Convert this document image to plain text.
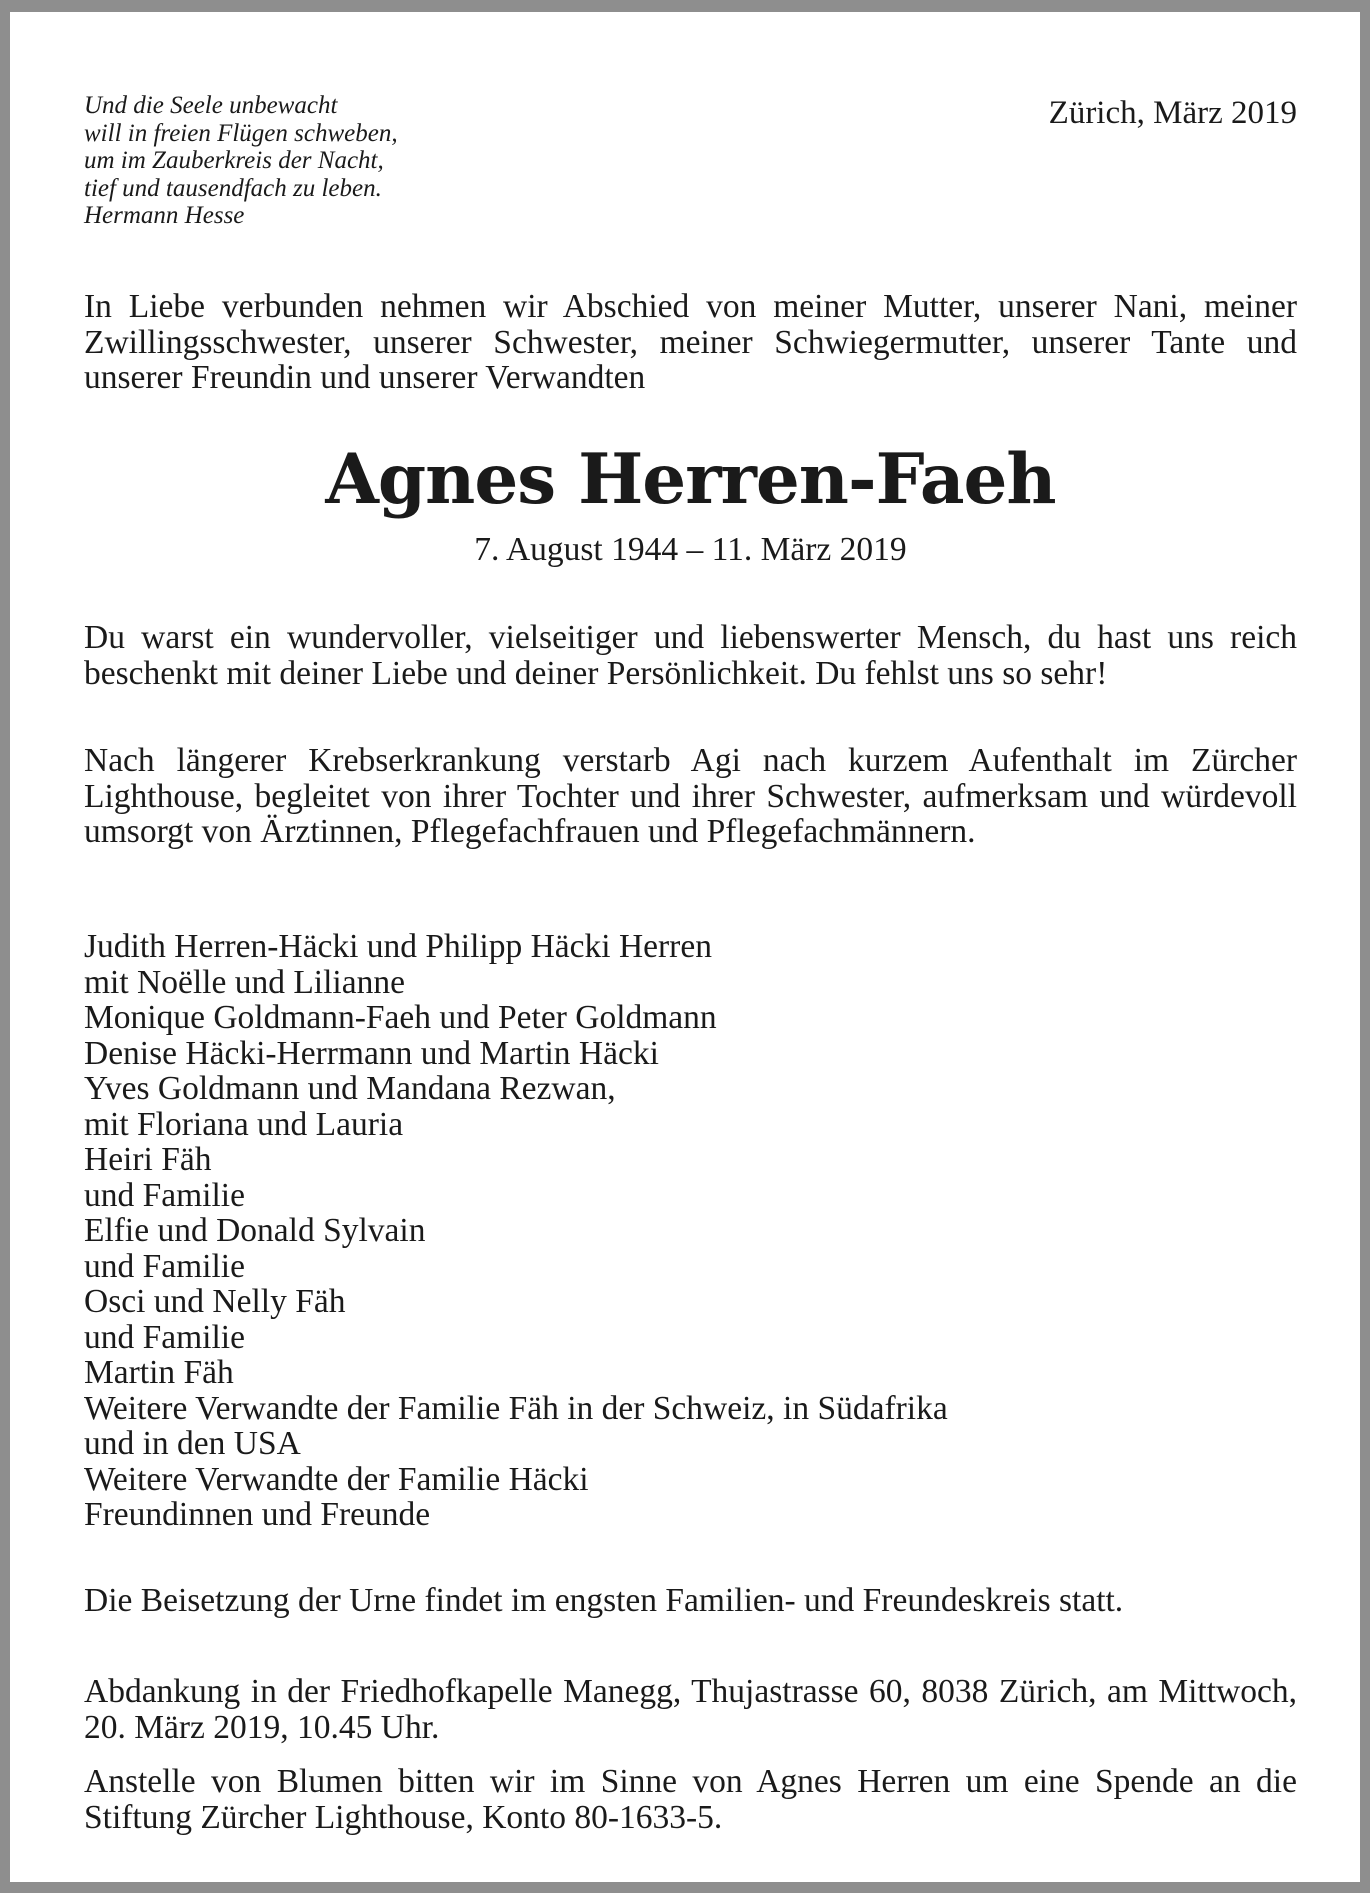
Und die Seele unbewacht
will in freien Flügen schweben,
um im Zauberkreis der Nacht,
tief und tausendfach zu leben.
Hermann Hesse
Zürich, März 2019
In Liebe verbunden nehmen wir Abschied von meiner Mutter, unserer Nani, meiner Zwillingsschwester, unserer Schwester, meiner Schwiegermutter, unserer Tante und unserer Freundin und unserer Verwandten
Agnes Herren-Faeh
7. August 1944 – 11. März 2019
Du warst ein wundervoller, vielseitiger und liebenswerter Mensch, du hast uns reich beschenkt mit deiner Liebe und deiner Persönlichkeit. Du fehlst uns so sehr!
Nach längerer Krebserkrankung verstarb Agi nach kurzem Aufenthalt im Zürcher Lighthouse, begleitet von ihrer Tochter und ihrer Schwester, aufmerksam und würdevoll umsorgt von Ärztinnen, Pflegefachfrauen und Pflegefachmännern.
Judith Herren-Häcki und Philipp Häcki Herren
mit Noëlle und Lilianne
Monique Goldmann-Faeh und Peter Goldmann
Denise Häcki-Herrmann und Martin Häcki
Yves Goldmann und Mandana Rezwan,
mit Floriana und Lauria
Heiri Fäh
und Familie
Elfie und Donald Sylvain
und Familie
Osci und Nelly Fäh
und Familie
Martin Fäh
Weitere Verwandte der Familie Fäh in der Schweiz, in Südafrika
und in den USA
Weitere Verwandte der Familie Häcki
Freundinnen und Freunde
Die Beisetzung der Urne findet im engsten Familien- und Freundeskreis statt.
Abdankung in der Friedhofkapelle Manegg, Thujastrasse 60, 8038 Zürich, am Mittwoch, 20. März 2019, 10.45 Uhr.
Anstelle von Blumen bitten wir im Sinne von Agnes Herren um eine Spende an die Stiftung Zürcher Lighthouse, Konto 80-1633-5.
